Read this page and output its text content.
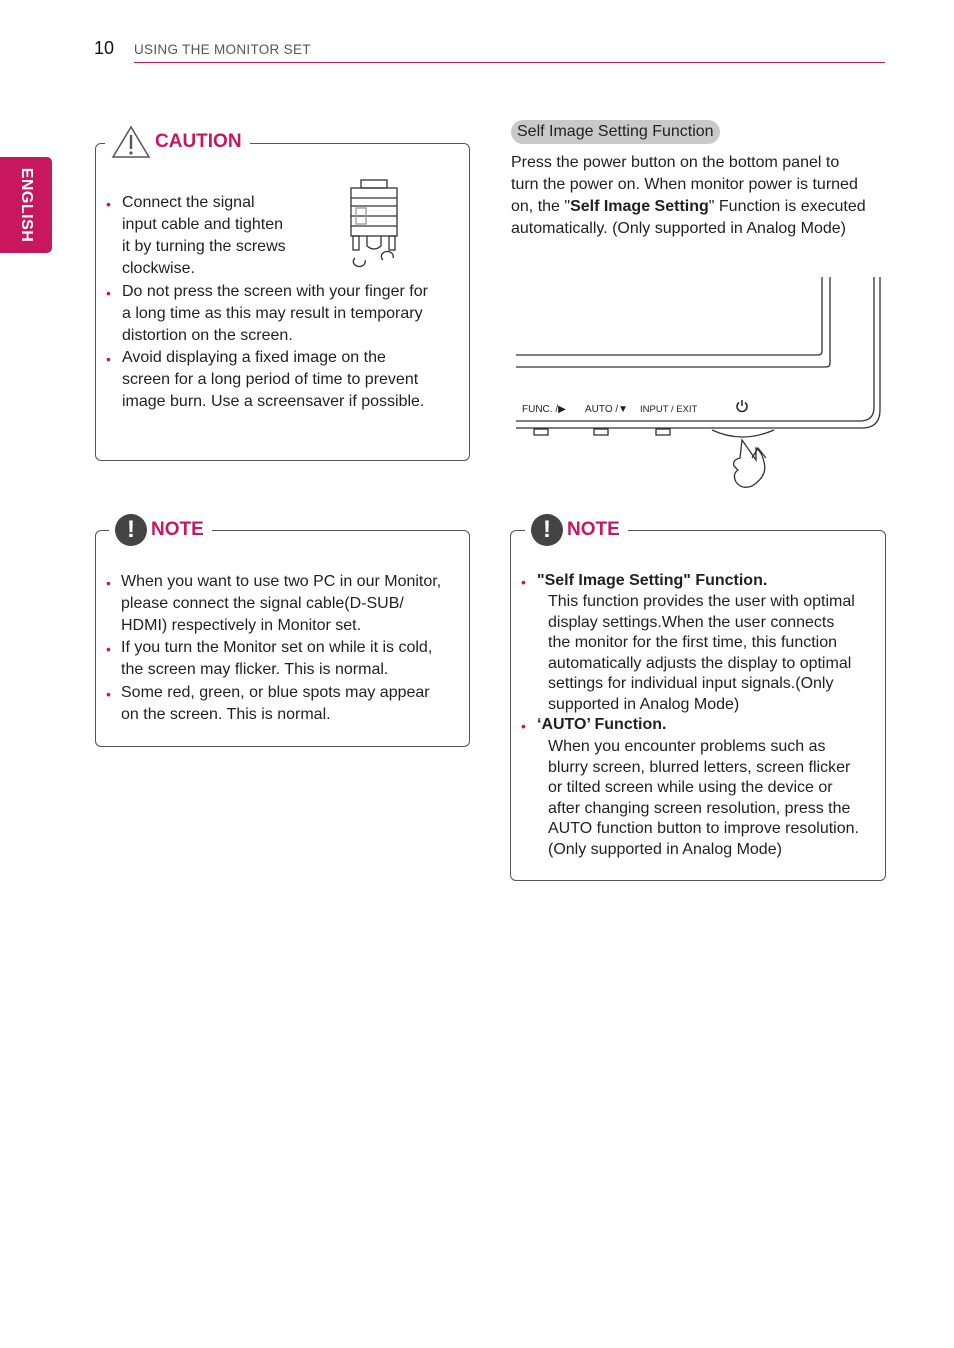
10 USING THE MONITOR SET
ENGLISH
CAUTION
• Connect the signal
input cable and tighten
it by turning the screws
clockwise.
• Do not press the screen with your finger for
a long time as this may result in temporary
distortion on the screen.
• Avoid displaying a fixed image on the
screen for a long period of time to prevent
image burn. Use a screensaver if possible.
! NOTE
• When you want to use two PC in our Monitor,
please connect the signal cable(D-SUB/
HDMI) respectively in Monitor set.
• If you turn the Monitor set on while it is cold,
the screen may flicker. This is normal.
• Some red, green, or blue spots may appear
on the screen. This is normal.
Self Image Setting Function
Press the power button on the bottom panel to
turn the power on. When monitor power is turned
on, the "Self Image Setting" Function is executed
automatically. (Only supported in Analog Mode)
FUNC. /▶ AUTO /▼ INPUT / EXIT
! NOTE
• "Self Image Setting" Function.
This function provides the user with optimal
display settings.When the user connects
the monitor for the first time, this function
automatically adjusts the display to optimal
settings for individual input signals.(Only
supported in Analog Mode)
• ‘AUTO’ Function.
When you encounter problems such as
blurry screen, blurred letters, screen flicker
or tilted screen while using the device or
after changing screen resolution, press the
AUTO function button to improve resolution.
(Only supported in Analog Mode)
